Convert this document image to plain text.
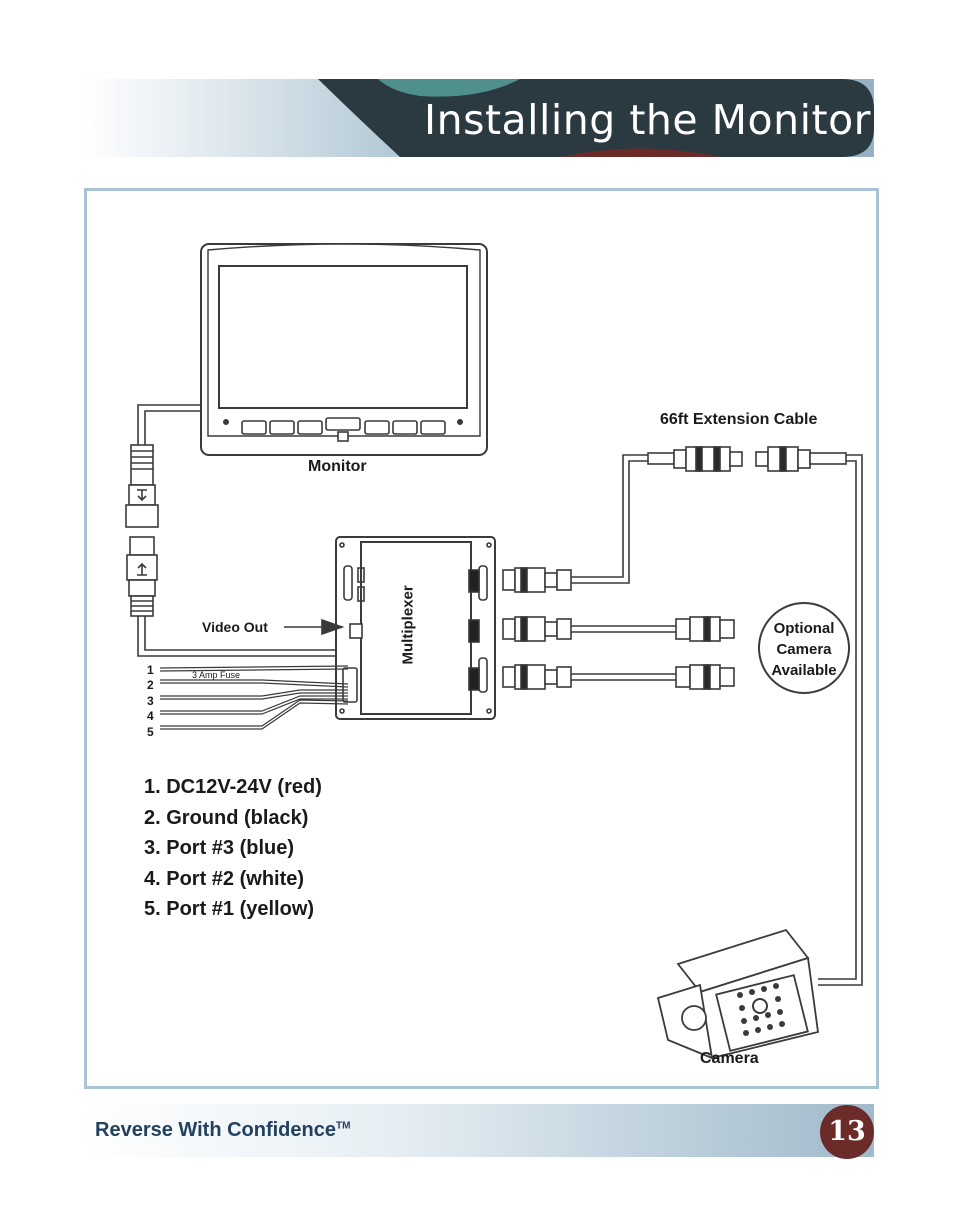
Installing the Monitor
Monitor
66ft Extension Cable
Video Out	Multiplexer
3 Amp Fuse
1
2
3
4
5
Optional
Camera
Available
Camera
1. DC12V-24V (red)
2. Ground (black)
3. Port #3 (blue)
4. Port #2 (white)
5. Port #1 (yellow)
Reverse With Confidence™	13
